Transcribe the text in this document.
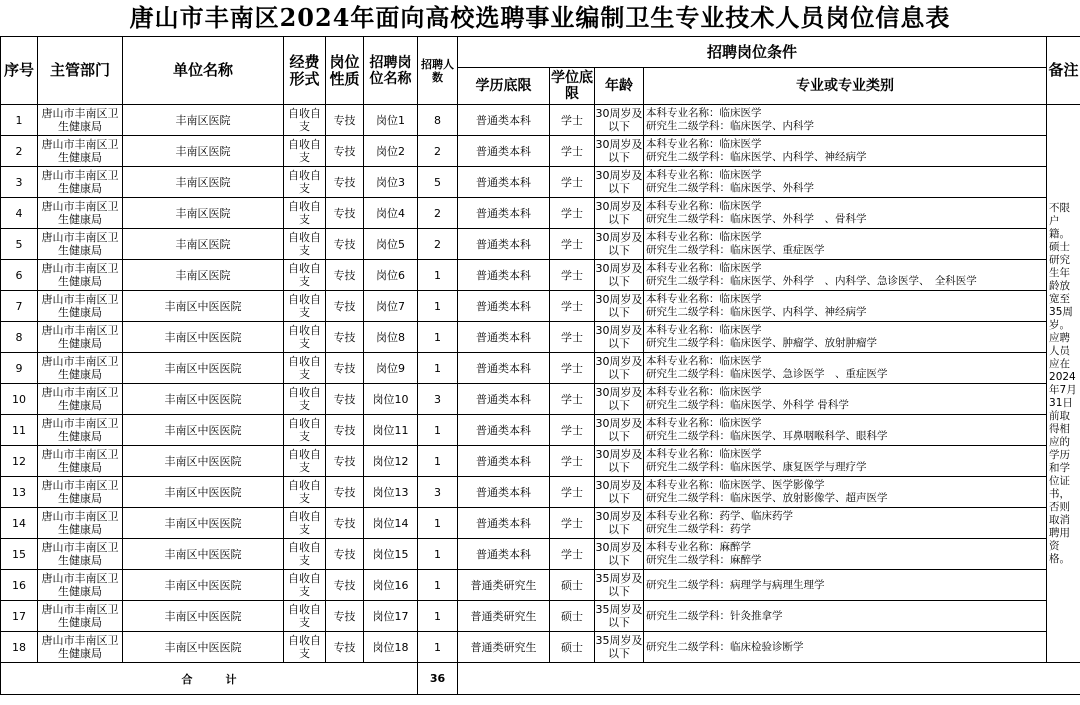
唐山市丰南区2024年面向高校选聘事业编制卫生专业技术人员岗位信息表
序号	主管部门	单位名称	经费形式	岗位性质	招聘岗位名称	招聘人数	招聘岗位条件				备注
							学历底限	学位底限	年龄	专业或专业类别	
1	唐山市丰南区卫生健康局	丰南区医院	自收自支	专技	岗位1	8	普通类本科	学士	30周岁及以下	本科专业名称：临床医学
研究生二级学科：临床医学、内科学	不限户籍。硕士研究生年龄放宽至35周岁。应聘人员应在2024年7月31日前取得相应的学历和学位证书，否则取消聘用资格。
2	唐山市丰南区卫生健康局	丰南区医院	自收自支	专技	岗位2	2	普通类本科	学士	30周岁及以下	本科专业名称：临床医学
研究生二级学科：临床医学、内科学、神经病学	

3	唐山市丰南区卫生健康局	丰南区医院	自收自支	专技	岗位3	5	普通类本科	学士	30周岁及以下	本科专业名称：临床医学
研究生二级学科：临床医学、外科学	

4	唐山市丰南区卫生健康局	丰南区医院	自收自支	专技	岗位4	2	普通类本科	学士	30周岁及以下	本科专业名称：临床医学
研究生二级学科：临床医学、外科学　、骨科学	

5	唐山市丰南区卫生健康局	丰南区医院	自收自支	专技	岗位5	2	普通类本科	学士	30周岁及以下	本科专业名称：临床医学
研究生二级学科：临床医学、重症医学	

6	唐山市丰南区卫生健康局	丰南区医院	自收自支	专技	岗位6	1	普通类本科	学士	30周岁及以下	本科专业名称：临床医学
研究生二级学科：临床医学、外科学　、内科学、急诊医学、　全科医学	

7	唐山市丰南区卫生健康局	丰南区中医医院	自收自支	专技	岗位7	1	普通类本科	学士	30周岁及以下	本科专业名称：临床医学
研究生二级学科：临床医学、内科学、神经病学	

8	唐山市丰南区卫生健康局	丰南区中医医院	自收自支	专技	岗位8	1	普通类本科	学士	30周岁及以下	本科专业名称：临床医学
研究生二级学科：临床医学、肿瘤学、放射肿瘤学	

9	唐山市丰南区卫生健康局	丰南区中医医院	自收自支	专技	岗位9	1	普通类本科	学士	30周岁及以下	本科专业名称：临床医学
研究生二级学科：临床医学、急诊医学　、重症医学	

10	唐山市丰南区卫生健康局	丰南区中医医院	自收自支	专技	岗位10	3	普通类本科	学士	30周岁及以下	本科专业名称：临床医学
研究生二级学科：临床医学、外科学 骨科学	

11	唐山市丰南区卫生健康局	丰南区中医医院	自收自支	专技	岗位11	1	普通类本科	学士	30周岁及以下	本科专业名称：临床医学
研究生二级学科：临床医学、耳鼻咽喉科学、眼科学	

12	唐山市丰南区卫生健康局	丰南区中医医院	自收自支	专技	岗位12	1	普通类本科	学士	30周岁及以下	本科专业名称：临床医学
研究生二级学科：临床医学、康复医学与理疗学	

13	唐山市丰南区卫生健康局	丰南区中医医院	自收自支	专技	岗位13	3	普通类本科	学士	30周岁及以下	本科专业名称：临床医学、医学影像学
研究生二级学科：临床医学、放射影像学、超声医学	

14	唐山市丰南区卫生健康局	丰南区中医医院	自收自支	专技	岗位14	1	普通类本科	学士	30周岁及以下	本科专业名称：药学、临床药学
研究生二级学科：药学	

15	唐山市丰南区卫生健康局	丰南区中医医院	自收自支	专技	岗位15	1	普通类本科	学士	30周岁及以下	本科专业名称：麻醉学
研究生二级学科：麻醉学	

16	唐山市丰南区卫生健康局	丰南区中医医院	自收自支	专技	岗位16	1	普通类研究生	硕士	35周岁及以下	研究生二级学科：病理学与病理生理学	

17	唐山市丰南区卫生健康局	丰南区中医医院	自收自支	专技	岗位17	1	普通类研究生	硕士	35周岁及以下	研究生二级学科：针灸推拿学	

18	唐山市丰南区卫生健康局	丰南区中医医院	自收自支	专技	岗位18	1	普通类研究生	硕士	35周岁及以下	研究生二级学科：临床检验诊断学	

合　　　计						36					
